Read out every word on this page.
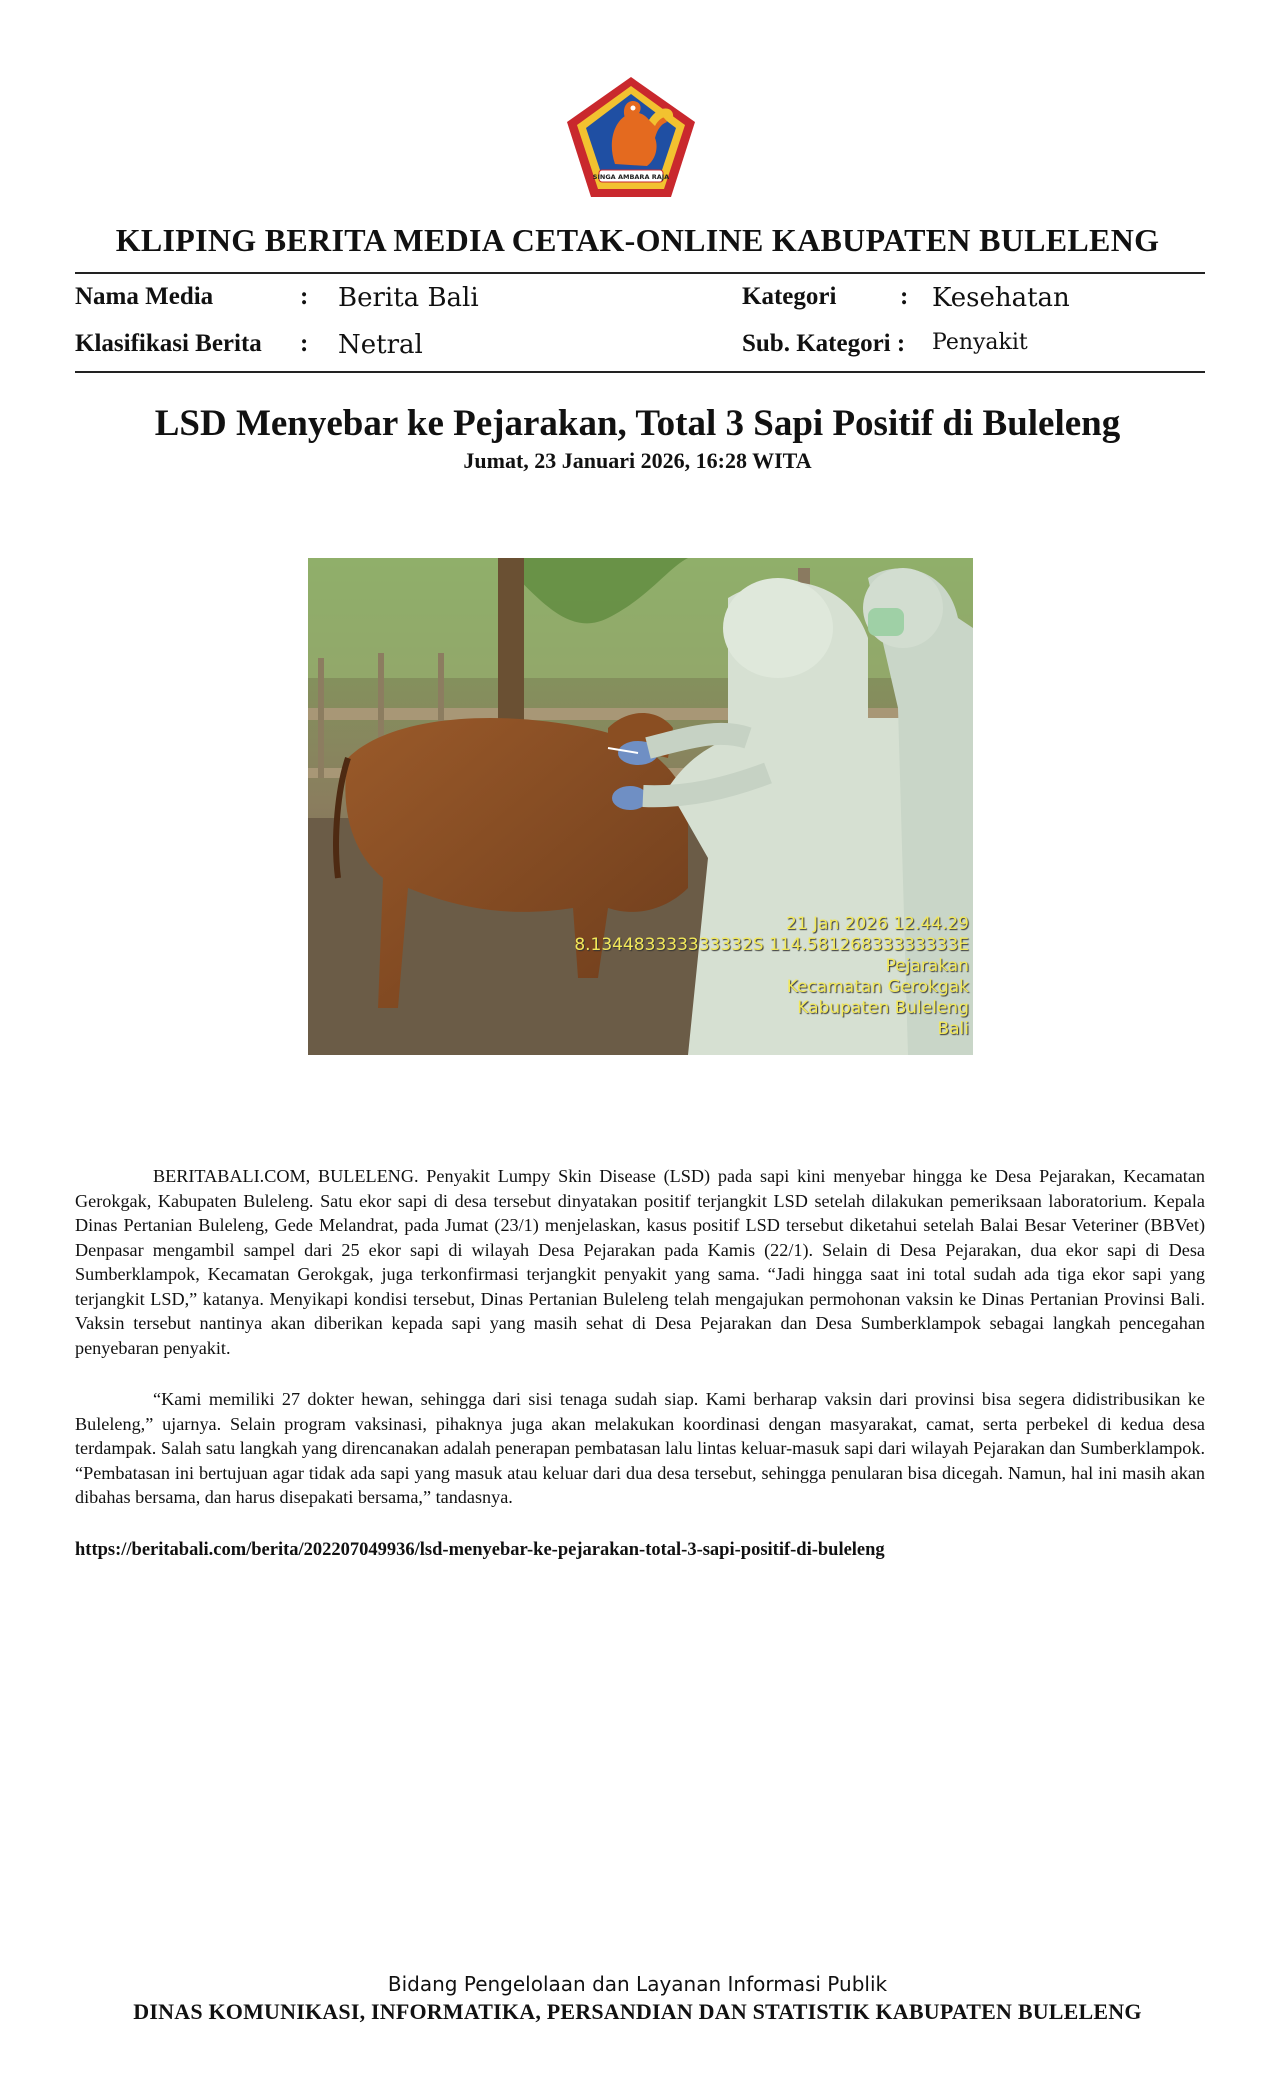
SINGA AMBARA RAJA
KLIPING BERITA MEDIA CETAK-ONLINE KABUPATEN BULELENG
Nama Media	: Berita Bali	Kategori	: Kesehatan
Klasifikasi Berita : Netral	Sub. Kategori : Penyakit
LSD Menyebar ke Pejarakan, Total 3 Sapi Positif di Buleleng
Jumat, 23 Januari 2026, 16:28 WITA
21 Jan 2026 12.44.29
8.134483333333332S 114.58126833333333E
Pejarakan
Kecamatan Gerokgak
Kabupaten Buleleng
Bali
BERITABALI.COM, BULELENG. Penyakit Lumpy Skin Disease (LSD) pada sapi kini menyebar hingga ke Desa Pejarakan, Kecamatan Gerokgak, Kabupaten Buleleng. Satu ekor sapi di desa tersebut dinyatakan positif terjangkit LSD setelah dilakukan pemeriksaan laboratorium. Kepala Dinas Pertanian Buleleng, Gede Melandrat, pada Jumat (23/1) menjelaskan, kasus positif LSD tersebut diketahui setelah Balai Besar Veteriner (BBVet) Denpasar mengambil sampel dari 25 ekor sapi di wilayah Desa Pejarakan pada Kamis (22/1). Selain di Desa Pejarakan, dua ekor sapi di Desa Sumberklampok, Kecamatan Gerokgak, juga terkonfirmasi terjangkit penyakit yang sama. “Jadi hingga saat ini total sudah ada tiga ekor sapi yang terjangkit LSD,” katanya. Menyikapi kondisi tersebut, Dinas Pertanian Buleleng telah mengajukan permohonan vaksin ke Dinas Pertanian Provinsi Bali. Vaksin tersebut nantinya akan diberikan kepada sapi yang masih sehat di Desa Pejarakan dan Desa Sumberklampok sebagai langkah pencegahan penyebaran penyakit.
“Kami memiliki 27 dokter hewan, sehingga dari sisi tenaga sudah siap. Kami berharap vaksin dari provinsi bisa segera didistribusikan ke Buleleng,” ujarnya. Selain program vaksinasi, pihaknya juga akan melakukan koordinasi dengan masyarakat, camat, serta perbekel di kedua desa terdampak. Salah satu langkah yang direncanakan adalah penerapan pembatasan lalu lintas keluar-masuk sapi dari wilayah Pejarakan dan Sumberklampok. “Pembatasan ini bertujuan agar tidak ada sapi yang masuk atau keluar dari dua desa tersebut, sehingga penularan bisa dicegah. Namun, hal ini masih akan dibahas bersama, dan harus disepakati bersama,” tandasnya.
https://beritabali.com/berita/202207049936/lsd-menyebar-ke-pejarakan-total-3-sapi-positif-di-buleleng
Bidang Pengelolaan dan Layanan Informasi Publik
DINAS KOMUNIKASI, INFORMATIKA, PERSANDIAN DAN STATISTIK KABUPATEN BULELENG
